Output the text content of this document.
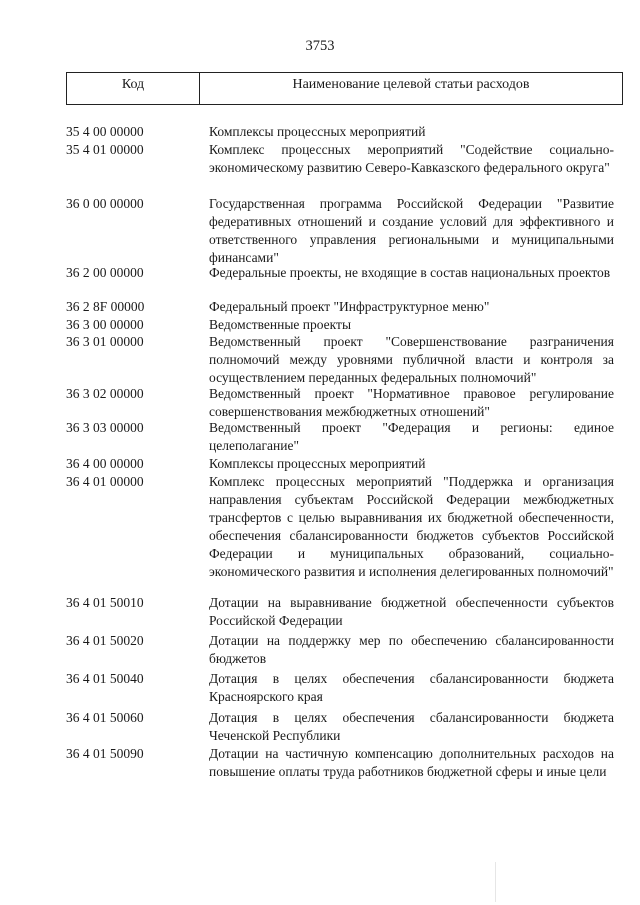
3753
Код	Наименование целевой статьи расходов
35 4 00 00000	Комплексы процессных мероприятий
35 4 01 00000	Комплекс процессных мероприятий "Содействие социально-экономическому развитию Северо-Кавказского федерального округа"
36 0 00 00000	Государственная программа Российской Федерации "Развитие федеративных отношений и создание условий для эффективного и ответственного управления региональными и муниципальными финансами"
36 2 00 00000	Федеральные проекты, не входящие в состав национальных проектов
36 2 8F 00000	Федеральный проект "Инфраструктурное меню"
36 3 00 00000	Ведомственные проекты
36 3 01 00000	Ведомственный проект "Совершенствование разграничения полномочий между уровнями публичной власти и контроля за осуществлением переданных федеральных полномочий"
36 3 02 00000	Ведомственный проект "Нормативное правовое регулирование совершенствования межбюджетных отношений"
36 3 03 00000	Ведомственный проект "Федерация и регионы: единое целеполагание"
36 4 00 00000	Комплексы процессных мероприятий
36 4 01 00000	Комплекс процессных мероприятий "Поддержка и организация направления субъектам Российской Федерации межбюджетных трансфертов с целью выравнивания их бюджетной обеспеченности, обеспечения сбалансированности бюджетов субъектов Российской Федерации и муниципальных образований, социально-экономического развития и исполнения делегированных полномочий"
36 4 01 50010	Дотации на выравнивание бюджетной обеспеченности субъектов Российской Федерации
36 4 01 50020	Дотации на поддержку мер по обеспечению сбалансированности бюджетов
36 4 01 50040	Дотация в целях обеспечения сбалансированности бюджета Красноярского края
36 4 01 50060	Дотация в целях обеспечения сбалансированности бюджета Чеченской Республики
36 4 01 50090	Дотации на частичную компенсацию дополнительных расходов на повышение оплаты труда работников бюджетной сферы и иные цели
